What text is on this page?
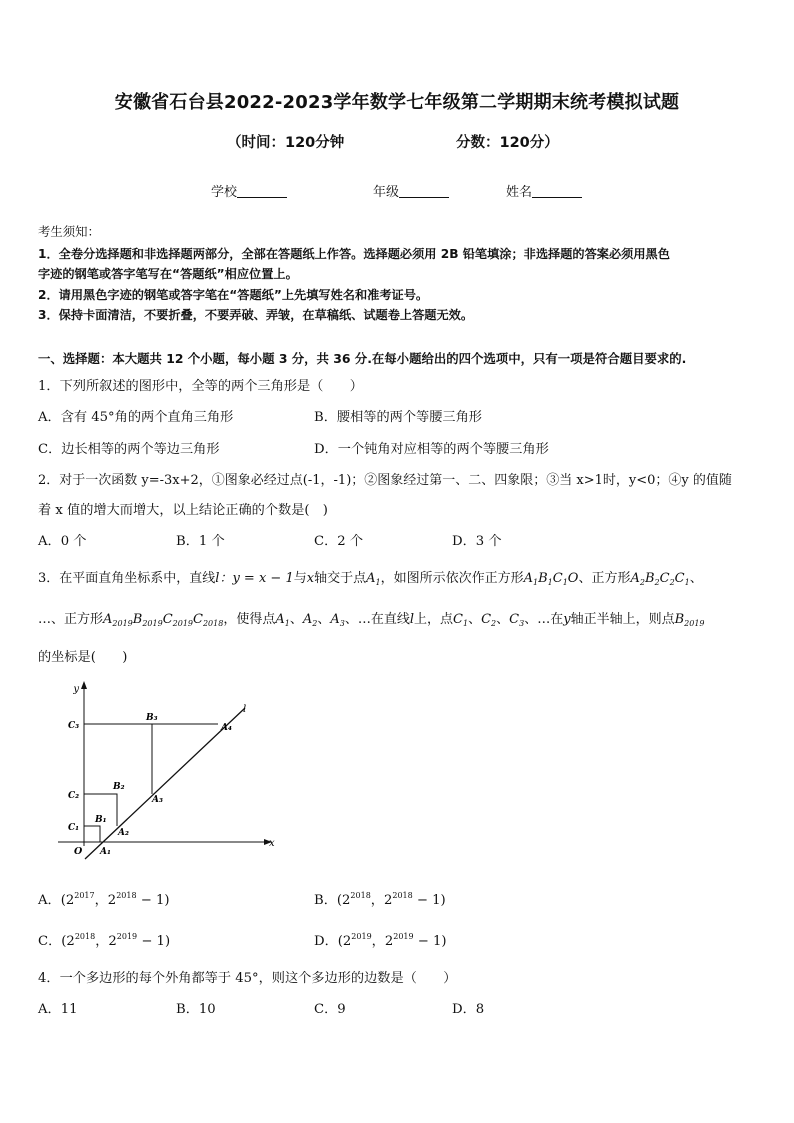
安徽省石台县2022-2023学年数学七年级第二学期期末统考模拟试题
（时间：120分钟	分数：120分）
学校	年级	姓名
考生须知：
1．全卷分选择题和非选择题两部分，全部在答题纸上作答。选择题必须用 2B 铅笔填涂；非选择题的答案必须用黑色
字迹的钢笔或答字笔写在“答题纸”相应位置上。
2．请用黑色字迹的钢笔或答字笔在“答题纸”上先填写姓名和准考证号。
3．保持卡面清洁，不要折叠，不要弄破、弄皱，在草稿纸、试题卷上答题无效。
一、选择题：本大题共 12 个小题，每小题 3 分，共 36 分.在每小题给出的四个选项中，只有一项是符合题目要求的.
1．下列所叙述的图形中，全等的两个三角形是（　　）
A．含有 45°角的两个直角三角形	B．腰相等的两个等腰三角形
C．边长相等的两个等边三角形	D．一个钝角对应相等的两个等腰三角形
2．对于一次函数 y=-3x+2，①图象必经过点(-1，-1)；②图象经过第一、二、四象限；③当 x>1时，y<0；④y 的值随
着 x 值的增大而增大，以上结论正确的个数是(　)
A．0 个	B．1 个	C．2 个	D．3 个
3．在平面直角坐标系中，直线l：y = x − 1与x轴交于点$A_1$，如图所示依次作正方形$A_1B_1C_1O$、正方形$A_2B_2C_2C_1$、
…、正方形$A_{2019}B_{2019}C_{2019}C_{2018}$，使得点$A_1$、$A_2$、$A_3$、…在直线l上，点$C_1$、$C_2$、$C_3$、…在y轴正半轴上，则点$B_{2019}$
的坐标是(　　)
y
x
l
O
C₁
C₂
C₃
B₁
B₂
B₃
A₁
A₂
A₃
A₄
A．($2^{2017}$，$2^{2018} - 1$)	B．($2^{2018}$，$2^{2018} - 1$)
C．($2^{2018}$，$2^{2019} - 1$)	D．($2^{2019}$，$2^{2019} - 1$)
4．一个多边形的每个外角都等于 45°，则这个多边形的边数是（　　）
A．11	B．10	C．9	D．8
